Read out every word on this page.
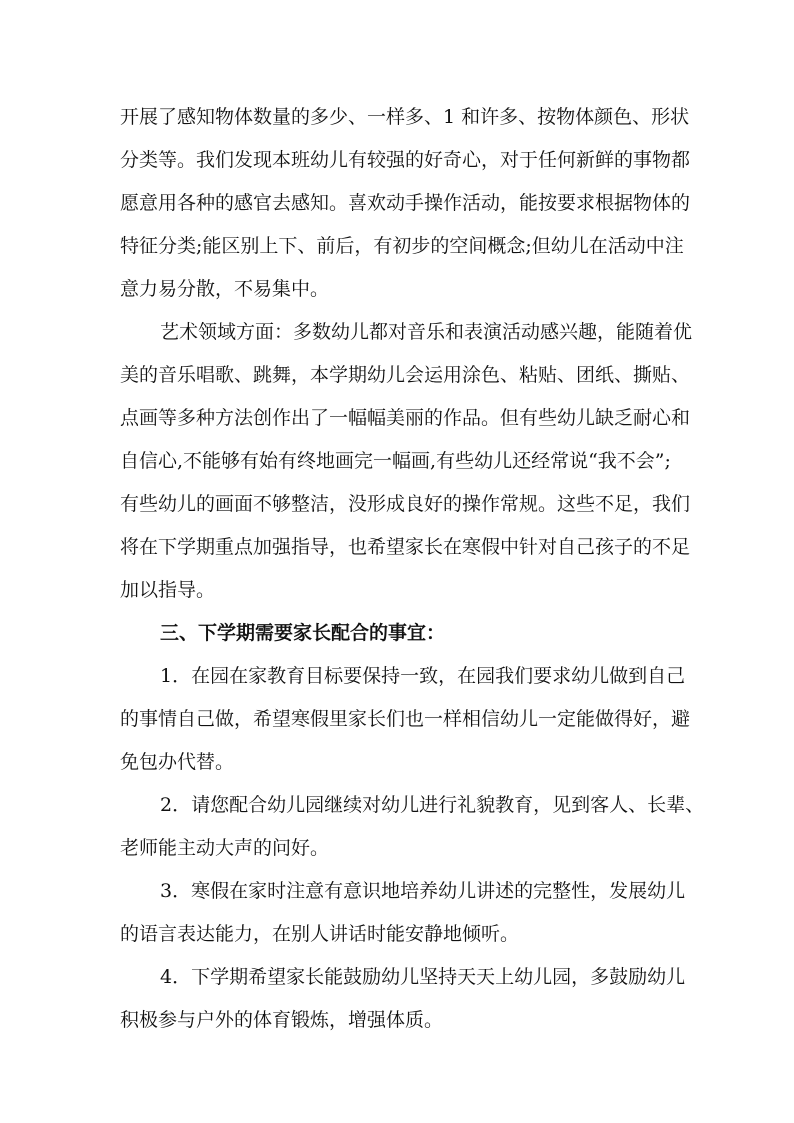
开展了感知物体数量的多少、一样多、1 和许多、按物体颜色、形状
分类等。我们发现本班幼儿有较强的好奇心，对于任何新鲜的事物都
愿意用各种的感官去感知。喜欢动手操作活动，能按要求根据物体的
特征分类;能区别上下、前后，有初步的空间概念;但幼儿在活动中注
意力易分散，不易集中。
艺术领域方面：多数幼儿都对音乐和表演活动感兴趣，能随着优
美的音乐唱歌、跳舞，本学期幼儿会运用涂色、粘贴、团纸、撕贴、
点画等多种方法创作出了一幅幅美丽的作品。但有些幼儿缺乏耐心和
自信心,不能够有始有终地画完一幅画,有些幼儿还经常说“我不会”;
有些幼儿的画面不够整洁，没形成良好的操作常规。这些不足，我们
将在下学期重点加强指导，也希望家长在寒假中针对自己孩子的不足
加以指导。
三、下学期需要家长配合的事宜：
1．在园在家教育目标要保持一致，在园我们要求幼儿做到自己
的事情自己做，希望寒假里家长们也一样相信幼儿一定能做得好，避
免包办代替。
2．请您配合幼儿园继续对幼儿进行礼貌教育，见到客人、长辈、
老师能主动大声的问好。
3．寒假在家时注意有意识地培养幼儿讲述的完整性，发展幼儿
的语言表达能力，在别人讲话时能安静地倾听。
4．下学期希望家长能鼓励幼儿坚持天天上幼儿园，多鼓励幼儿
积极参与户外的体育锻炼，增强体质。
